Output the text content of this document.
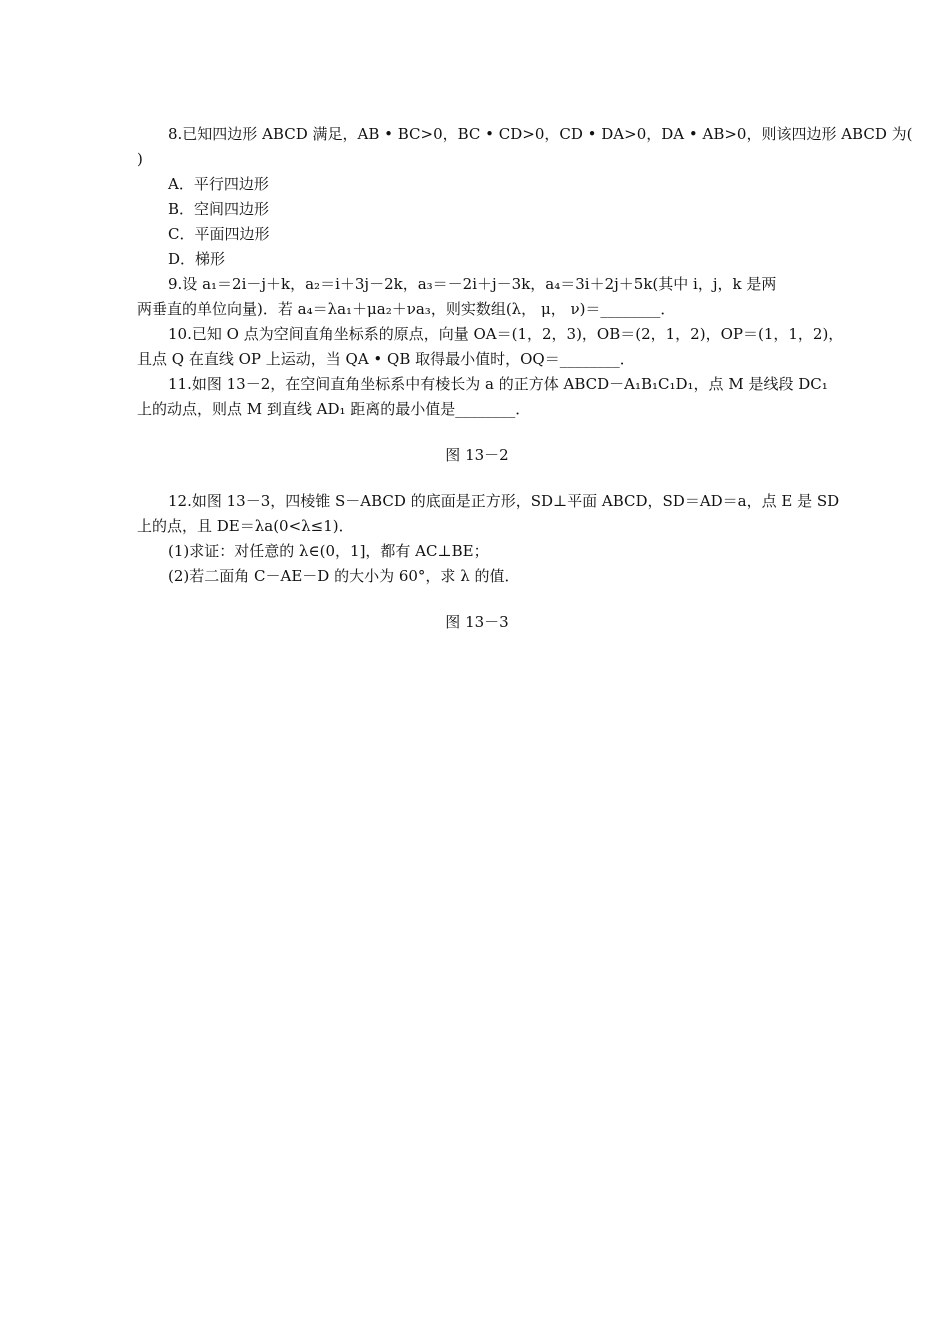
8.已知四边形 ABCD 满足，AB • BC>0，BC • CD>0，CD • DA>0，DA • AB>0，则该四边形 ABCD 为(
)
A．平行四边形
B．空间四边形
C．平面四边形
D．梯形
9.设 a₁＝2i－j＋k，a₂＝i＋3j－2k，a₃＝－2i＋j－3k，a₄＝3i＋2j＋5k(其中 i，j，k 是两
两垂直的单位向量)．若 a₄＝λa₁＋μa₂＋νa₃，则实数组(λ， μ， ν)＝________．
10.已知 O 点为空间直角坐标系的原点，向量 OA＝(1，2，3)，OB＝(2，1，2)，OP＝(1，1，2)，
且点 Q 在直线 OP 上运动，当 QA • QB 取得最小值时，OQ＝________．
11.如图 13－2，在空间直角坐标系中有棱长为 a 的正方体 ABCD－A₁B₁C₁D₁，点 M 是线段 DC₁
上的动点，则点 M 到直线 AD₁ 距离的最小值是________．
图 13－2
12.如图 13－3，四棱锥 S－ABCD 的底面是正方形，SD⊥平面 ABCD，SD＝AD＝a，点 E 是 SD
上的点，且 DE＝λa(0<λ≤1)．
(1)求证：对任意的 λ∈(0，1]，都有 AC⊥BE；
(2)若二面角 C－AE－D 的大小为 60°，求 λ 的值．
图 13－3
